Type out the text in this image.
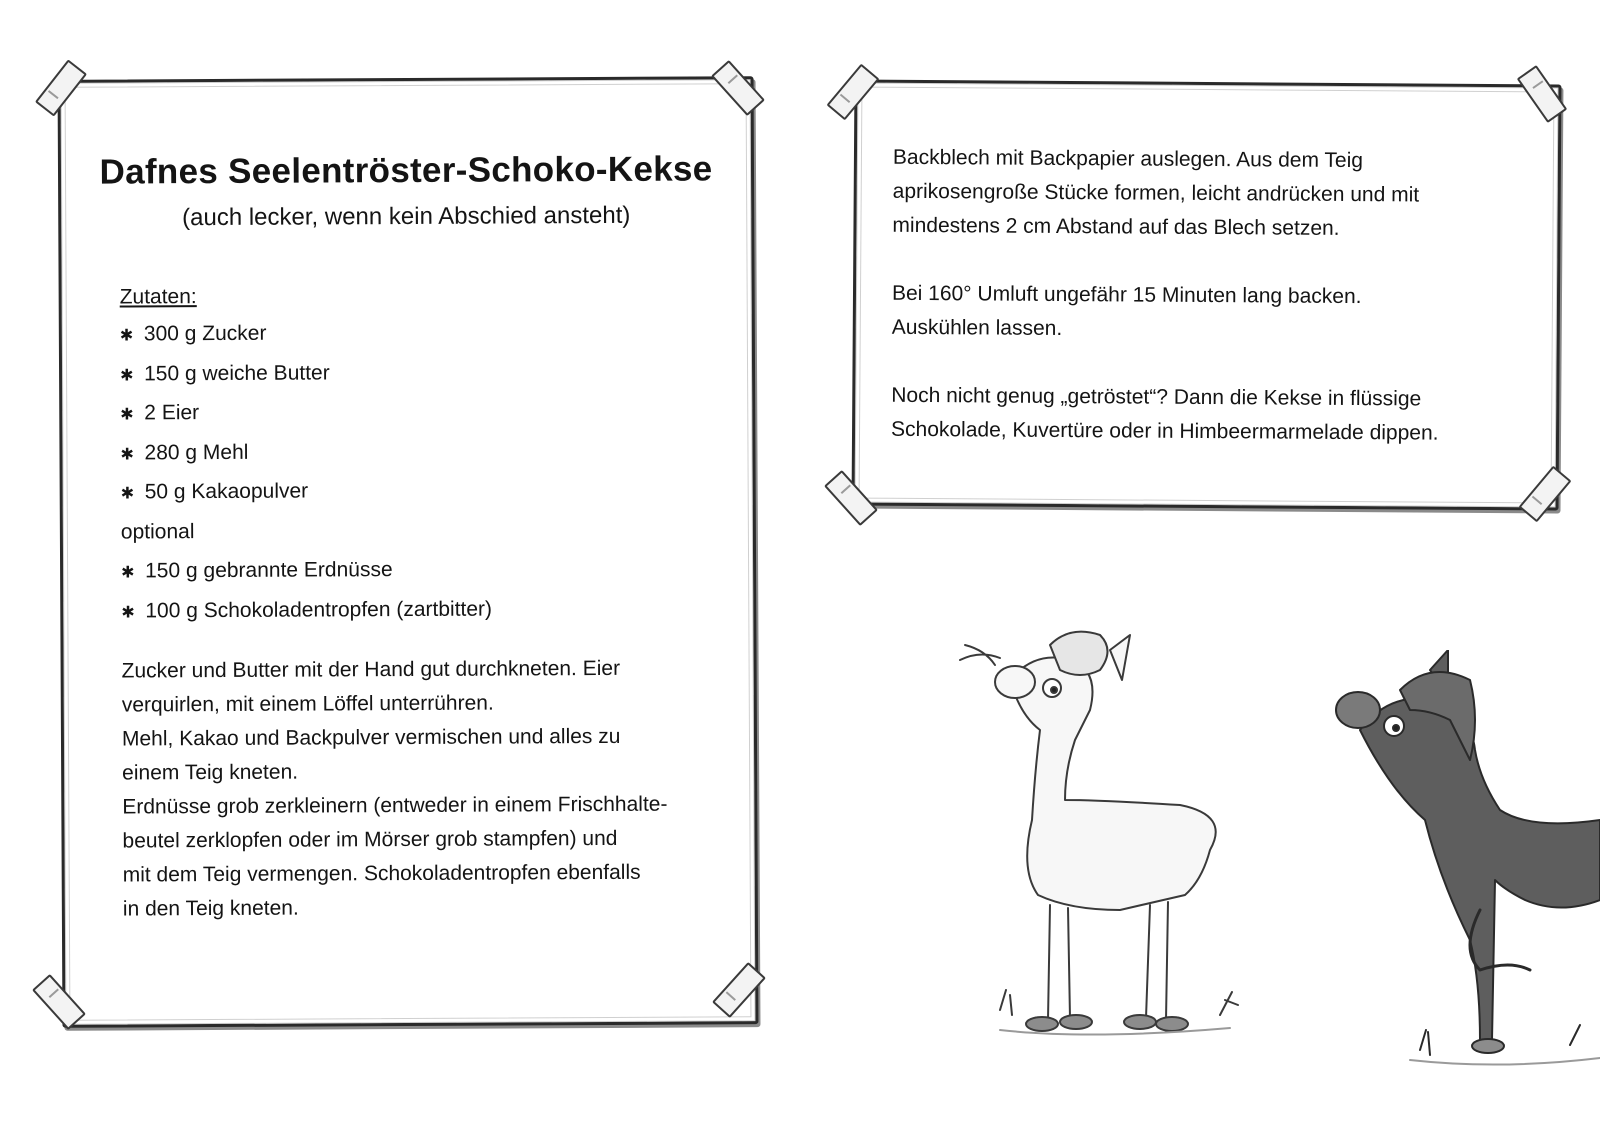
Dafnes Seelentröster-Schoko-Kekse
(auch lecker, wenn kein Abschied ansteht)
Zutaten:
✱ 300 g Zucker
✱ 150 g weiche Butter
✱ 2 Eier
✱ 280 g Mehl
✱ 50 g Kakaopulver
optional
✱ 150 g gebrannte Erdnüsse
✱ 100 g Schokoladentropfen (zartbitter)
Zucker und Butter mit der Hand gut durchkneten. Eier
verquirlen, mit einem Löffel unterrühren.
Mehl, Kakao und Backpulver vermischen und alles zu
einem Teig kneten.
Erdnüsse grob zerkleinern (entweder in einem Frischhalte-
beutel zerklopfen oder im Mörser grob stampfen) und
mit dem Teig vermengen. Schokoladentropfen ebenfalls
in den Teig kneten.
Backblech mit Backpapier auslegen. Aus dem Teig
aprikosengroße Stücke formen, leicht andrücken und mit
mindestens 2 cm Abstand auf das Blech setzen.
Bei 160° Umluft ungefähr 15 Minuten lang backen.
Auskühlen lassen.
Noch nicht genug „getröstet“? Dann die Kekse in flüssige
Schokolade, Kuvertüre oder in Himbeermarmelade dippen.
